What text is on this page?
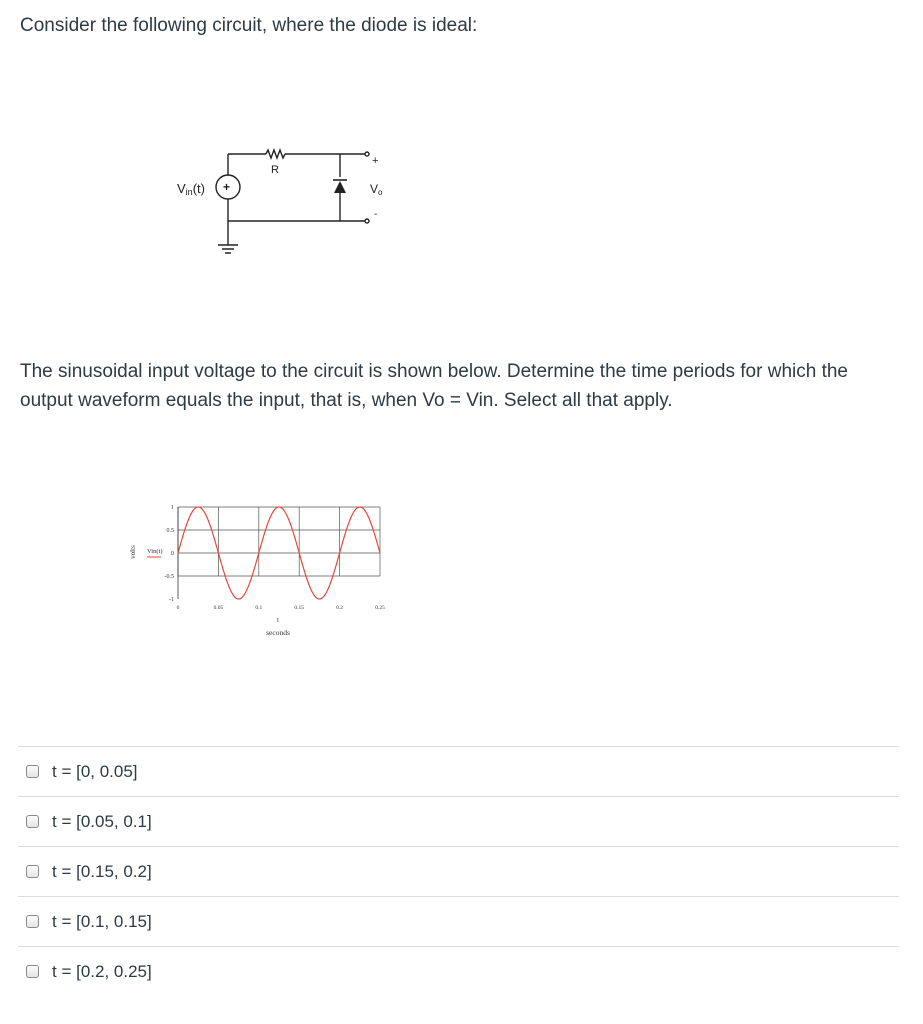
Consider the following circuit, where the diode is ideal:

+
Vin(t)
R
+
Vo
-

The sinusoidal input voltage to the circuit is shown below. Determine the time periods for which the output waveform equals the input, that is, when Vo = Vin. Select all that apply.

1
0.5
0
-0.5
-1
0	0.05	0.1	0.15	0.2	0.25
volts Vin(t)
t
seconds
t = [0, 0.05]
t = [0.05, 0.1]
t = [0.15, 0.2]
t = [0.1, 0.15]
t = [0.2, 0.25]
